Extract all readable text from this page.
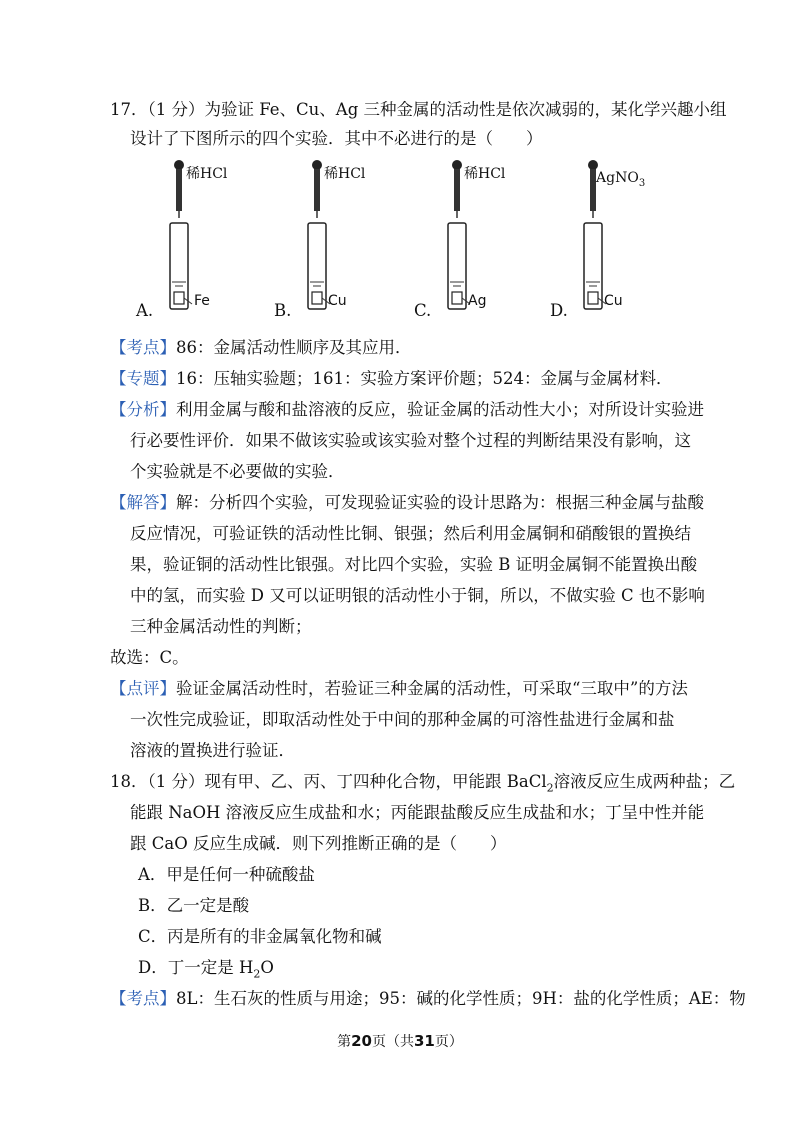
17．（1 分）为验证 Fe、Cu、Ag 三种金属的活动性是依次减弱的，某化学兴趣小组
设计了下图所示的四个实验．其中不必进行的是（　　）
A.
稀HCl
Fe	B.
稀HCl
Cu	C.
稀HCl
Ag	D.
AgNO$_3$
Cu
【考点】86：金属活动性顺序及其应用．
【专题】16：压轴实验题；161：实验方案评价题；524：金属与金属材料．
【分析】利用金属与酸和盐溶液的反应，验证金属的活动性大小；对所设计实验进
行必要性评价．如果不做该实验或该实验对整个过程的判断结果没有影响，这
个实验就是不必要做的实验．
【解答】解：分析四个实验，可发现验证实验的设计思路为：根据三种金属与盐酸
反应情况，可验证铁的活动性比铜、银强；然后利用金属铜和硝酸银的置换结
果，验证铜的活动性比银强。对比四个实验，实验 B 证明金属铜不能置换出酸
中的氢，而实验 D 又可以证明银的活动性小于铜，所以，不做实验 C 也不影响
三种金属活动性的判断；
故选：C。
【点评】验证金属活动性时，若验证三种金属的活动性，可采取“三取中”的方法
一次性完成验证，即取活动性处于中间的那种金属的可溶性盐进行金属和盐
溶液的置换进行验证．
18．（1 分）现有甲、乙、丙、丁四种化合物，甲能跟 BaCl$_2$溶液反应生成两种盐；乙
能跟 NaOH 溶液反应生成盐和水；丙能跟盐酸反应生成盐和水；丁呈中性并能
跟 CaO 反应生成碱．则下列推断正确的是（　　）
A．甲是任何一种硫酸盐
B．乙一定是酸
C．丙是所有的非金属氧化物和碱
D．丁一定是 $H_2O$
【考点】8L：生石灰的性质与用途；95：碱的化学性质；9H：盐的化学性质；AE：物
第20页（共31页）
